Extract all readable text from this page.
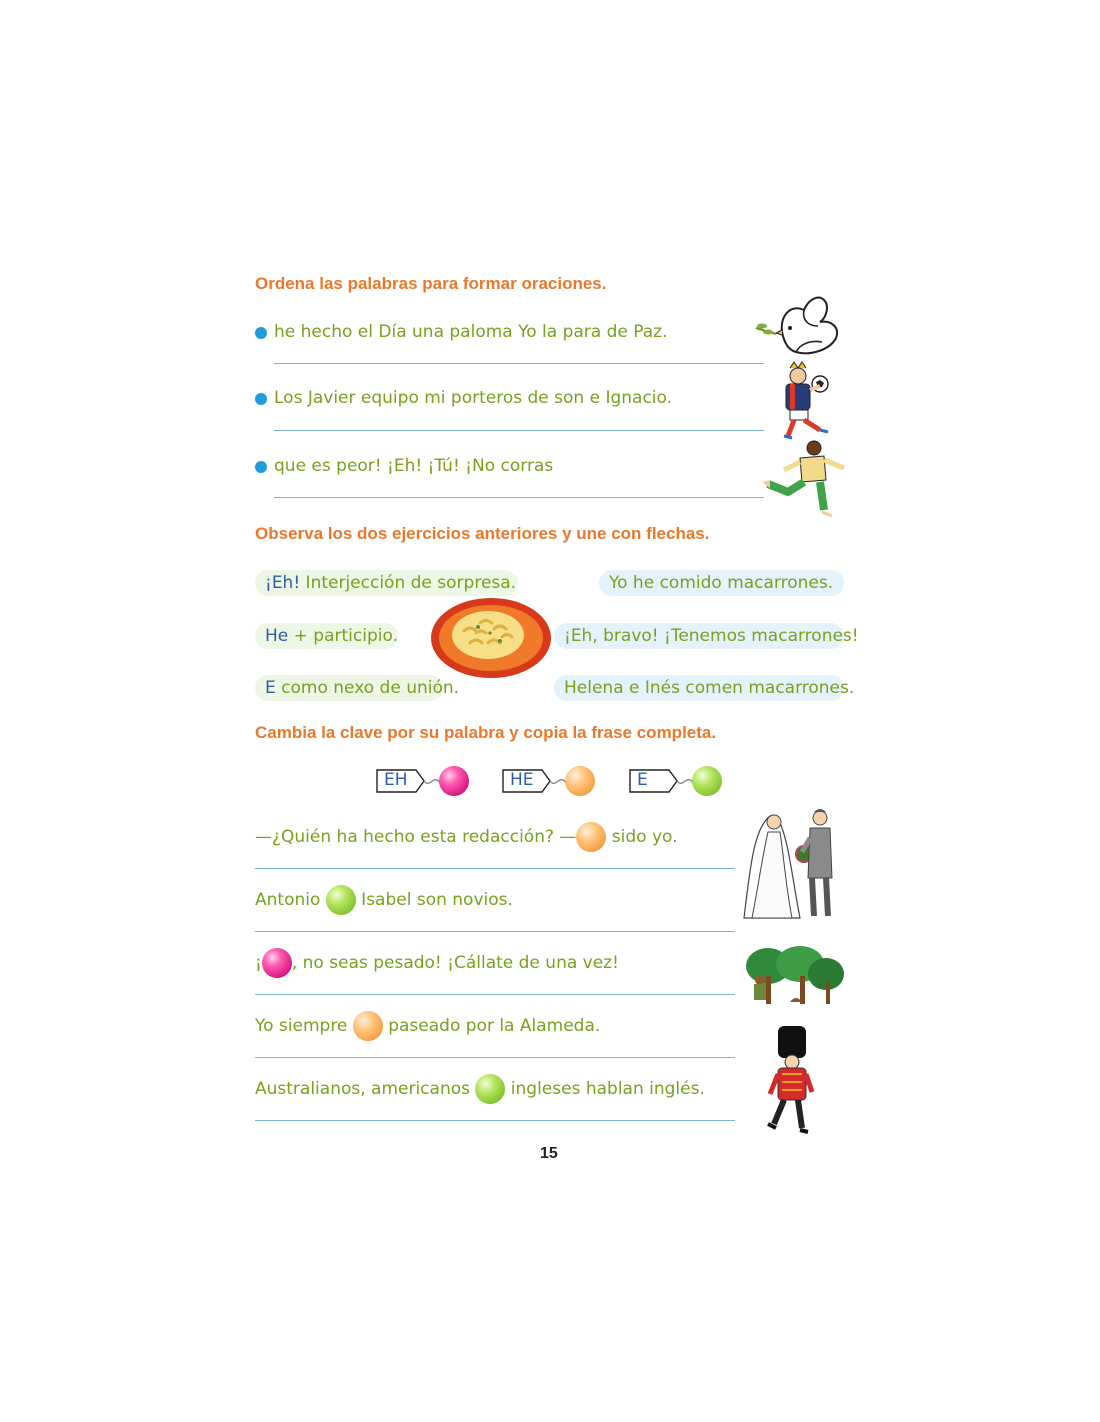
Ordena las palabras para formar oraciones.
he hecho el Día una paloma Yo la para de Paz.
Los Javier equipo mi porteros de son e Ignacio.
que es peor! ¡Eh! ¡Tú! ¡No corras
Observa los dos ejercicios anteriores y une con flechas.
¡Eh! Interjección de sorpresa.
He + participio.
E como nexo de unión.
Yo he comido macarrones.
¡Eh, bravo! ¡Tenemos macarrones!
Helena e Inés comen macarrones.
Cambia la clave por su palabra y copia la frase completa.
EH	HE	E
—¿Quién ha hecho esta redacción? — sido yo.
Antonio  Isabel son novios.
¡ , no seas pesado! ¡Cállate de una vez!
Yo siempre  paseado por la Alameda.
Australianos, americanos  ingleses hablan inglés.
15
